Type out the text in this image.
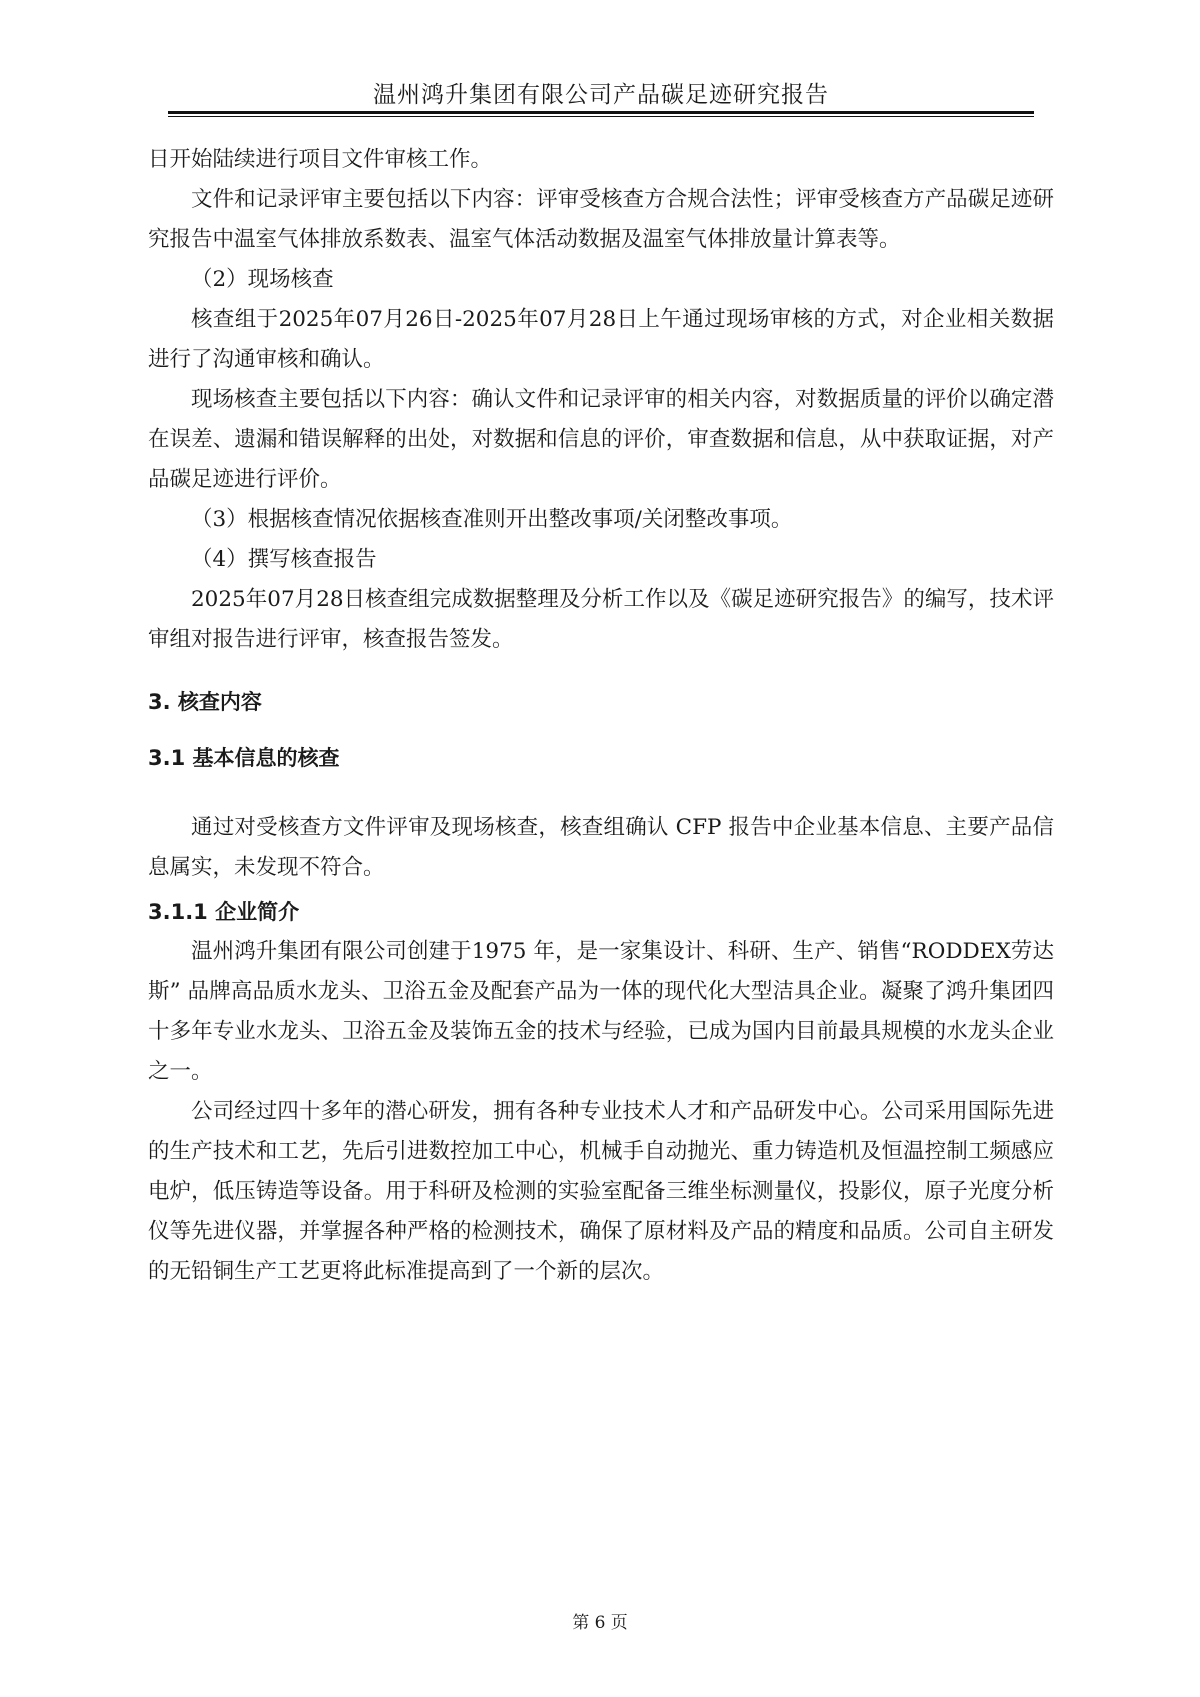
温州鸿升集团有限公司产品碳足迹研究报告

日开始陆续进行项目文件审核工作。

文件和记录评审主要包括以下内容：评审受核查方合规合法性；评审受核查方产品碳足迹研究报告中温室气体排放系数表、温室气体活动数据及温室气体排放量计算表等。

（2）现场核查

核查组于2025年07月26日-2025年07月28日上午通过现场审核的方式，对企业相关数据进行了沟通审核和确认。

现场核查主要包括以下内容：确认文件和记录评审的相关内容，对数据质量的评价以确定潜在误差、遗漏和错误解释的出处，对数据和信息的评价，审查数据和信息，从中获取证据，对产品碳足迹进行评价。

（3）根据核查情况依据核查准则开出整改事项/关闭整改事项。

（4）撰写核查报告

2025年07月28日核查组完成数据整理及分析工作以及《碳足迹研究报告》的编写，技术评审组对报告进行评审，核查报告签发。

3. 核查内容

3.1 基本信息的核查

通过对受核查方文件评审及现场核查，核查组确认 CFP 报告中企业基本信息、主要产品信息属实，未发现不符合。

3.1.1 企业简介

温州鸿升集团有限公司创建于1975 年，是一家集设计、科研、生产、销售“RODDEX劳达斯” 品牌高品质水龙头、卫浴五金及配套产品为一体的现代化大型洁具企业。凝聚了鸿升集团四十多年专业水龙头、卫浴五金及装饰五金的技术与经验，已成为国内目前最具规模的水龙头企业之一。

公司经过四十多年的潜心研发，拥有各种专业技术人才和产品研发中心。公司采用国际先进的生产技术和工艺，先后引进数控加工中心，机械手自动抛光、重力铸造机及恒温控制工频感应电炉，低压铸造等设备。用于科研及检测的实验室配备三维坐标测量仪，投影仪，原子光度分析仪等先进仪器，并掌握各种严格的检测技术，确保了原材料及产品的精度和品质。公司自主研发的无铅铜生产工艺更将此标准提高到了一个新的层次。

第 6 页
